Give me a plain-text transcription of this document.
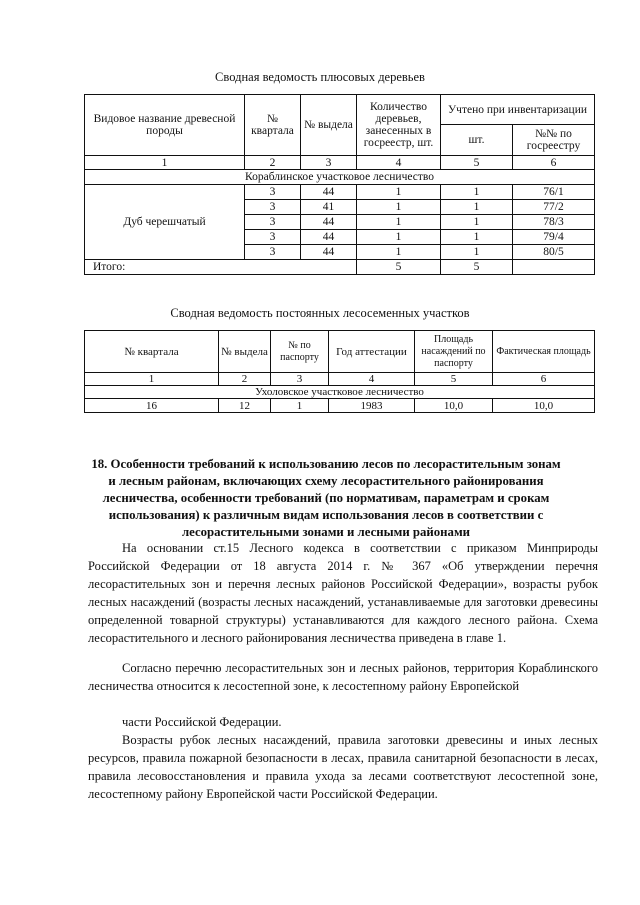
Сводная ведомость плюсовых деревьев
Видовое название древесной породы	№ квартала	№ выдела	Количество деревьев, занесенных в госреестр, шт.	Учтено при инвентаризации	
				шт.	№№ по госреестру
1	2	3	4	5	6
Кораблинское участковое лесничество					
Дуб черешчатый	3	44	1	1	76/1
	3	41	1	1	77/2
	3	44	1	1	78/3
	3	44	1	1	79/4
	3	44	1	1	80/5
Итого:			5	5	
Сводная ведомость постоянных лесосеменных участков
№ квартала	№ выдела	№ по паспорту	Год аттестации	Площадь насаждений по паспорту	Фактическая площадь
1	2	3	4	5	6
Ухоловское участковое лесничество					
16	12	1	1983	10,0	10,0
18. Особенности требований к использованию лесов по лесорастительным зонам и лесным районам, включающих схему лесорастительного районирования лесничества, особенности требований (по нормативам, параметрам и срокам использования) к различным видам использования лесов в соответствии с лесорастительными зонами и лесными районами
На основании ст.15 Лесного кодекса в соответствии с приказом Минприроды Российской Федерации от 18 августа 2014 г. № 367 «Об утверждении перечня лесорастительных зон и перечня лесных районов Российской Федерации», возрасты рубок лесных насаждений (возрасты лесных насаждений, устанавливаемые для заготовки древесины определенной товарной структуры) устанавливаются для каждого лесного района. Схема лесорастительного и лесного районирования лесничества приведена в главе 1.
Согласно перечню лесорастительных зон и лесных районов, территория Кораблинского лесничества относится к лесостепной зоне, к лесостепному району Европейской
части Российской Федерации.
Возрасты рубок лесных насаждений, правила заготовки древесины и иных лесных ресурсов, правила пожарной безопасности в лесах, правила санитарной безопасности в лесах, правила лесовосстановления и правила ухода за лесами соответствуют лесостепной зоне, лесостепному району Европейской части Российской Федерации.
